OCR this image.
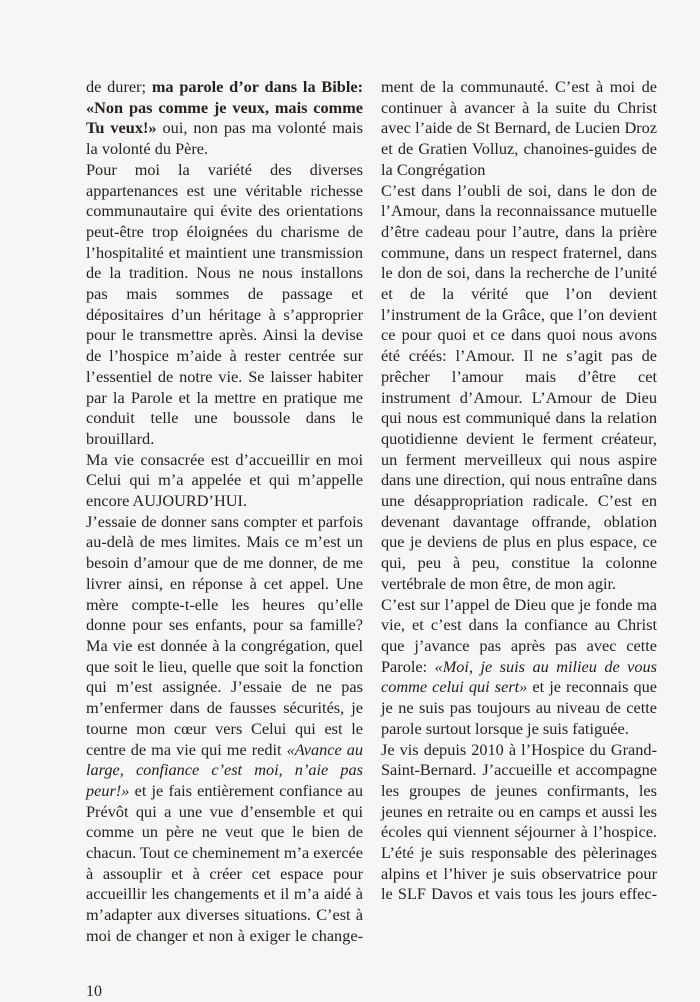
de durer; ma parole d’or dans la Bible: «Non pas comme je veux, mais comme Tu veux!» oui, non pas ma volonté mais la volonté du Père.

Pour moi la variété des diverses appartenances est une véritable richesse communautaire qui évite des orientations peut-être trop éloignées du charisme de l’hospitalité et maintient une transmission de la tradition. Nous ne nous installons pas mais sommes de passage et dépositaires d’un héritage à s’approprier pour le transmettre après. Ainsi la devise de l’hospice m’aide à rester centrée sur l’essentiel de notre vie. Se laisser habiter par la Parole et la mettre en pratique me conduit telle une boussole dans le brouillard.

Ma vie consacrée est d’accueillir en moi Celui qui m’a appelée et qui m’appelle encore AUJOURD’HUI.

J’essaie de donner sans compter et parfois au-delà de mes limites. Mais ce m’est un besoin d’amour que de me donner, de me livrer ainsi, en réponse à cet appel. Une mère compte-t-elle les heures qu’elle donne pour ses enfants, pour sa famille? Ma vie est donnée à la congrégation, quel que soit le lieu, quelle que soit la fonction qui m’est assignée. J’essaie de ne pas m’enfermer dans de fausses sécurités, je tourne mon cœur vers Celui qui est le centre de ma vie qui me redit «Avance au large, confiance c’est moi, n’aie pas peur!» et je fais entièrement confiance au Prévôt qui a une vue d’ensemble et qui comme un père ne veut que le bien de chacun. Tout ce cheminement m’a exercée à assouplir et à créer cet espace pour accueillir les changements et il m’a aidé à m’adapter aux diverses situations. C’est à moi de changer et non à exiger le change-

ment de la communauté. C’est à moi de continuer à avancer à la suite du Christ avec l’aide de St Bernard, de Lucien Droz et de Gratien Volluz, chanoines-guides de la Congrégation

C’est dans l’oubli de soi, dans le don de l’Amour, dans la reconnaissance mutuelle d’être cadeau pour l’autre, dans la prière commune, dans un respect fraternel, dans le don de soi, dans la recherche de l’unité et de la vérité que l’on devient l’instrument de la Grâce, que l’on devient ce pour quoi et ce dans quoi nous avons été créés: l’Amour. Il ne s’agit pas de prêcher l’amour mais d’être cet instrument d’Amour. L’Amour de Dieu qui nous est communiqué dans la relation quotidienne devient le ferment créateur, un ferment merveilleux qui nous aspire dans une direction, qui nous entraîne dans une désappropriation radicale. C’est en devenant davantage offrande, oblation que je deviens de plus en plus espace, ce qui, peu à peu, constitue la colonne vertébrale de mon être, de mon agir.

C’est sur l’appel de Dieu que je fonde ma vie, et c’est dans la confiance au Christ que j’avance pas après pas avec cette Parole: «Moi, je suis au milieu de vous comme celui qui sert» et je reconnais que je ne suis pas toujours au niveau de cette parole surtout lorsque je suis fatiguée.

Je vis depuis 2010 à l’Hospice du Grand-Saint-Bernard. J’accueille et accompagne les groupes de jeunes confirmants, les jeunes en retraite ou en camps et aussi les écoles qui viennent séjourner à l’hospice. L’été je suis responsable des pèlerinages alpins et l’hiver je suis observatrice pour le SLF Davos et vais tous les jours effec-

10
